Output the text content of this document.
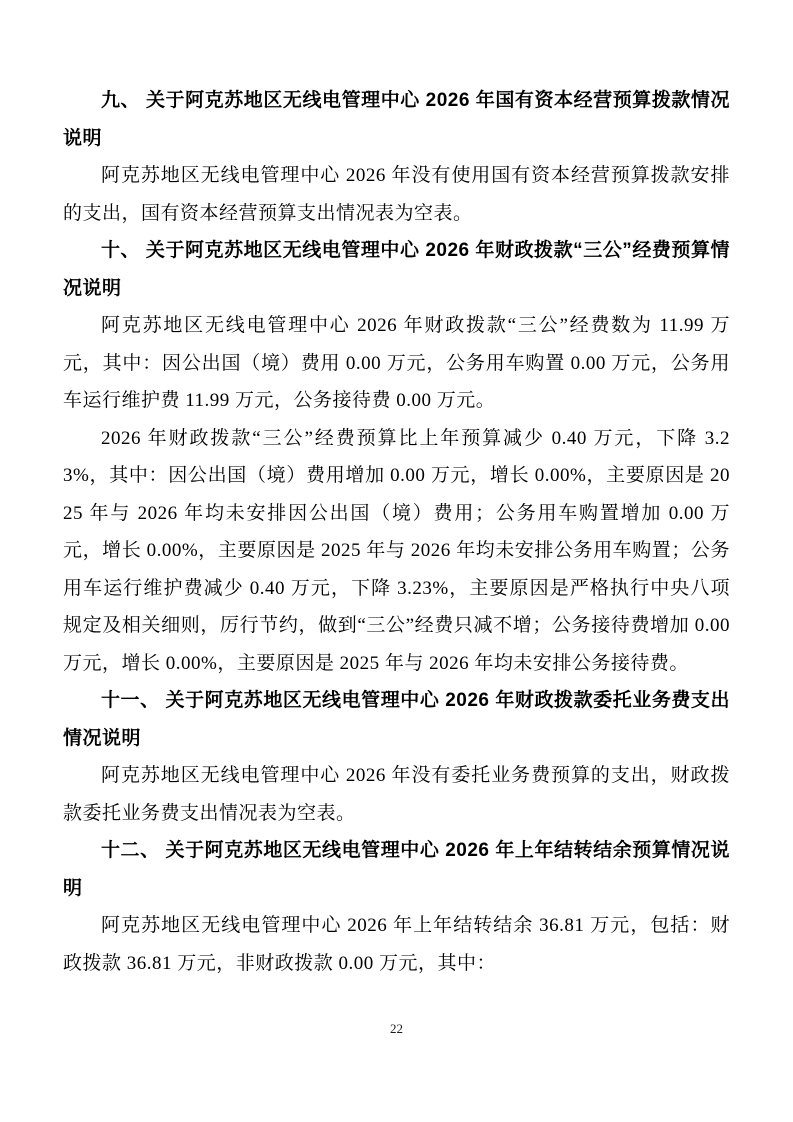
九、 关于阿克苏地区无线电管理中心 2026 年国有资本经营预算拨款情况说明

阿克苏地区无线电管理中心 2026 年没有使用国有资本经营预算拨款安排的支出，国有资本经营预算支出情况表为空表。

十、 关于阿克苏地区无线电管理中心 2026 年财政拨款“三公”经费预算情况说明

阿克苏地区无线电管理中心 2026 年财政拨款“三公”经费数为 11.99 万元，其中：因公出国（境）费用 0.00 万元，公务用车购置 0.00 万元，公务用车运行维护费 11.99 万元，公务接待费 0.00 万元。

2026 年财政拨款“三公”经费预算比上年预算减少 0.40 万元，下降 3.23%，其中：因公出国（境）费用增加 0.00 万元，增长 0.00%，主要原因是 2025 年与 2026 年均未安排因公出国（境）费用；公务用车购置增加 0.00 万元，增长 0.00%，主要原因是 2025 年与 2026 年均未安排公务用车购置；公务用车运行维护费减少 0.40 万元，下降 3.23%，主要原因是严格执行中央八项规定及相关细则，厉行节约，做到“三公”经费只减不增；公务接待费增加 0.00 万元，增长 0.00%，主要原因是 2025 年与 2026 年均未安排公务接待费。

十一、 关于阿克苏地区无线电管理中心 2026 年财政拨款委托业务费支出情况说明

阿克苏地区无线电管理中心 2026 年没有委托业务费预算的支出，财政拨款委托业务费支出情况表为空表。

十二、 关于阿克苏地区无线电管理中心 2026 年上年结转结余预算情况说明

阿克苏地区无线电管理中心 2026 年上年结转结余 36.81 万元，包括：财政拨款 36.81 万元，非财政拨款 0.00 万元，其中：

22
